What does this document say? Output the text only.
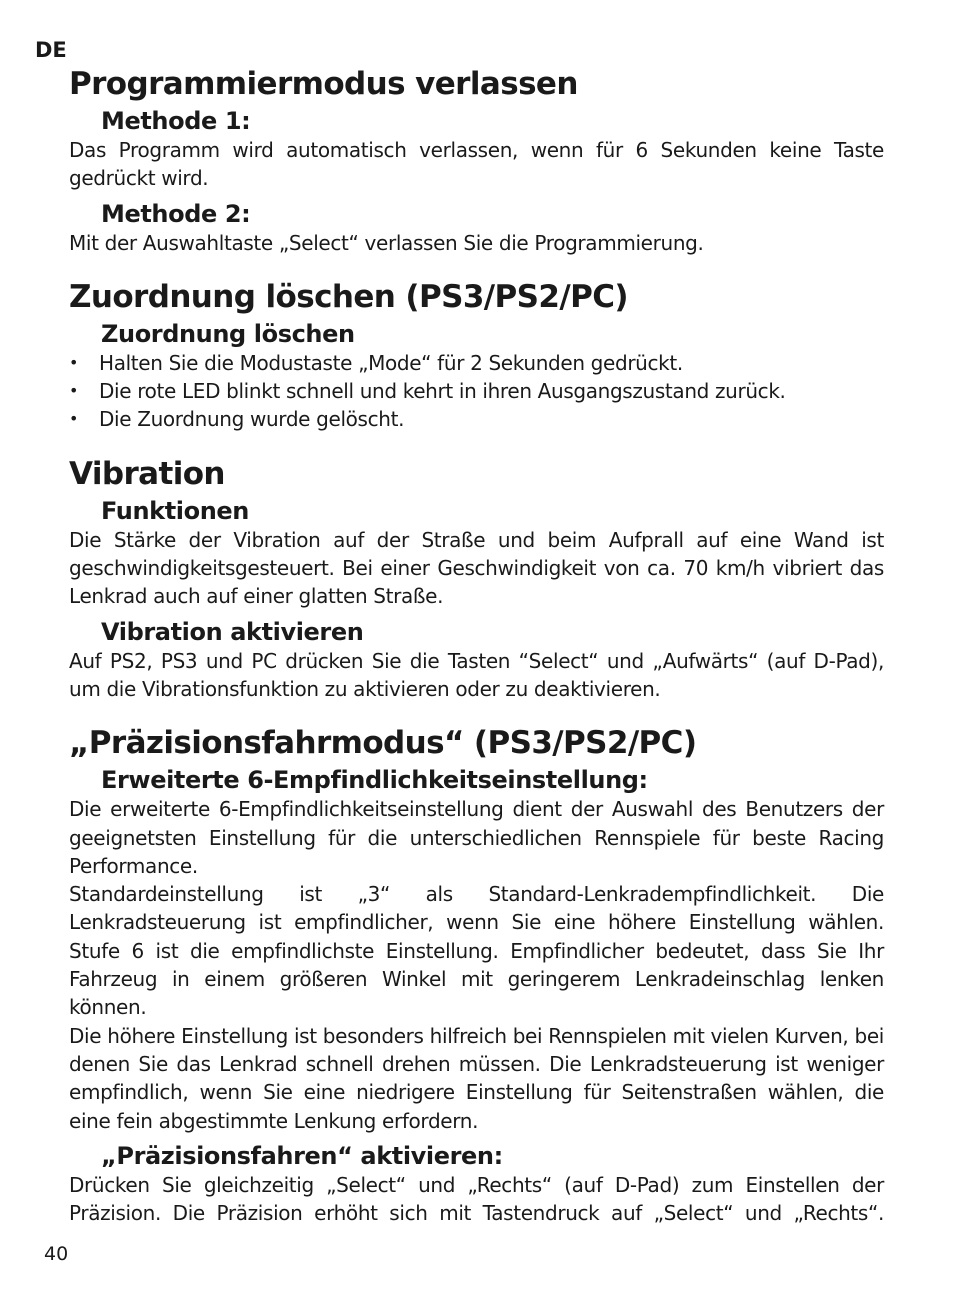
DE
Programmiermodus verlassen
Methode 1:

Das Programm wird automatisch verlassen, wenn für 6 Sekunden keine Taste gedrückt wird.

Methode 2:

Mit der Auswahltaste „Select“ verlassen Sie die Programmierung.

Zuordnung löschen (PS3/PS2/PC)
Zuordnung löschen
• Halten Sie die Modustaste „Mode“ für 2 Sekunden gedrückt.
• Die rote LED blinkt schnell und kehrt in ihren Ausgangszustand zurück.
• Die Zuordnung wurde gelöscht.
Vibration
Funktionen

Die Stärke der Vibration auf der Straße und beim Aufprall auf eine Wand ist geschwindigkeitsgesteuert. Bei einer Geschwindigkeit von ca. 70 km/h vibriert das Lenkrad auch auf einer glatten Straße.

Vibration aktivieren

Auf PS2, PS3 und PC drücken Sie die Tasten “Select“ und „Aufwärts“ (auf D-Pad), um die Vibrationsfunktion zu aktivieren oder zu deaktivieren.

„Präzisionsfahrmodus“ (PS3/PS2/PC)
Erweiterte 6-Empfindlichkeitseinstellung:

Die erweiterte 6-Empfindlichkeitseinstellung dient der Auswahl des Benutzers der geeignetsten Einstellung für die unterschiedlichen Rennspiele für beste Racing Performance.

Standardeinstellung ist „3“ als Standard-Lenkradempfindlichkeit. Die Lenkradsteuerung ist empfindlicher, wenn Sie eine höhere Einstellung wählen. Stufe 6 ist die empfindlichste Einstellung. Empfindlicher bedeutet, dass Sie Ihr Fahrzeug in einem größeren Winkel mit geringerem Lenkradeinschlag lenken können.

Die höhere Einstellung ist besonders hilfreich bei Rennspielen mit vielen Kurven, bei denen Sie das Lenkrad schnell drehen müssen. Die Lenkradsteuerung ist weniger empfindlich, wenn Sie eine niedrigere Einstellung für Seitenstraßen wählen, die eine fein abgestimmte Lenkung erfordern.

„Präzisionsfahren“ aktivieren:

Drücken Sie gleichzeitig „Select“ und „Rechts“ (auf D-Pad) zum Einstellen der Präzision. Die Präzision erhöht sich mit Tastendruck auf „Select“ und „Rechts“.

40
